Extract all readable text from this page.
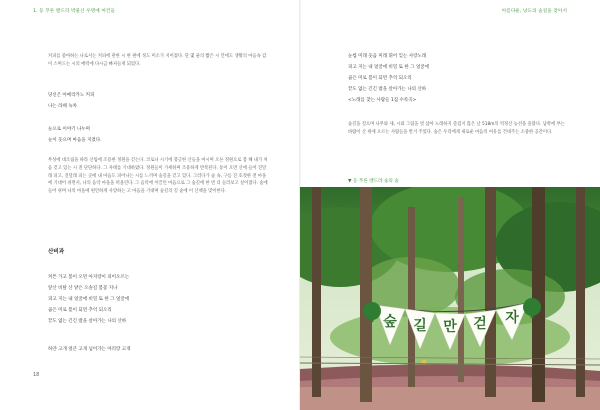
1. 등 푸른 맨드라 박물산 우명예 여건들	아름다운, 낭도의 숲길을 찾아서

커피를 좋아하는 나로서는 커피에 관한 시 한 편에 정도 미소가 지어졌다. 단 몇 줄의 짧은 시 안에도 생활의 마음속 감이 스며드는 시의 매력에 다시금 빠져들게 되었다.

당신은 아메리카노 커피
나는 라떼 녹차
눈으로 이야기 나누며
눈이 웃으며 마음을 지켰다.

무성에 대조림을 따라 산림에 조용한 정원을 걷는다. 코로나 시기에 향긋한 산들을 마시며 오른 정원으로 봄 해 내가 처음 걷고 있는 시 전 단단하다. 그 자태를 기대하였다. 정원들이 가세하며 조용하게 반복된다. 통이 오면 산에 들어 진달래 피고, 진달래 피는 곳에 내 마음도 피어나는 시를 느끼며 숲길을 걷고 있다. 그러다가 숲 속, 구름 진 호젓한 전 마을에 기대어 쉬면서, 나의 음악 마을을 떠올린다. 그 음악에 이끌린 마음으로 그 숲길에 한 번 더 들러보고 싶어졌다. 숲에 들어 쉬며 나의 마을에 편안하게 사랑하는 고 마음을 기대며 숲길의 길 숲에 이 산책을 맞이한다.

산비과
커튼 가고 봄이 오면 아지랑이 피어오르는
앞산 비탈 산 얕은 오솔길 봄꽃 지나
피고 지는 내 얼굴에 비밀 또 한 그 얼굴에
곱은 미로 봄이 되면 추억 되오리
끝도 없는 긴긴 밤을 살아가는 나의 산하
하얀 고개 얼큰 고개 넘어가는 아리랑 고개
18
눈썹 미래 웃음 미래 휘어 잊는 사랑노래
피고 지는 내 얼굴에 비밀 또 한 그 얼굴에
곱은 미로 봄이 되면 추억 되오리
끝도 없는 긴긴 밤을 살아가는 나의 산하
<노래를 찾는 사람들 1집 수록곡>

숲길을 걸으며 나무와 새, 시와 그림을 벗 삼아 노래하지 즐겁지 않은 날 518m의 역정산 능선을 올랐다. 남쪽에 부는 바람이 산 위에 오르는 사람들을 반겨 주었다. 숲은 우리에게 새로운 마음의 여유를 건네주는 소중한 공간이다.

▼ 등 푸른 맨드라 숲의 숲
숲 길 만 걷 자
